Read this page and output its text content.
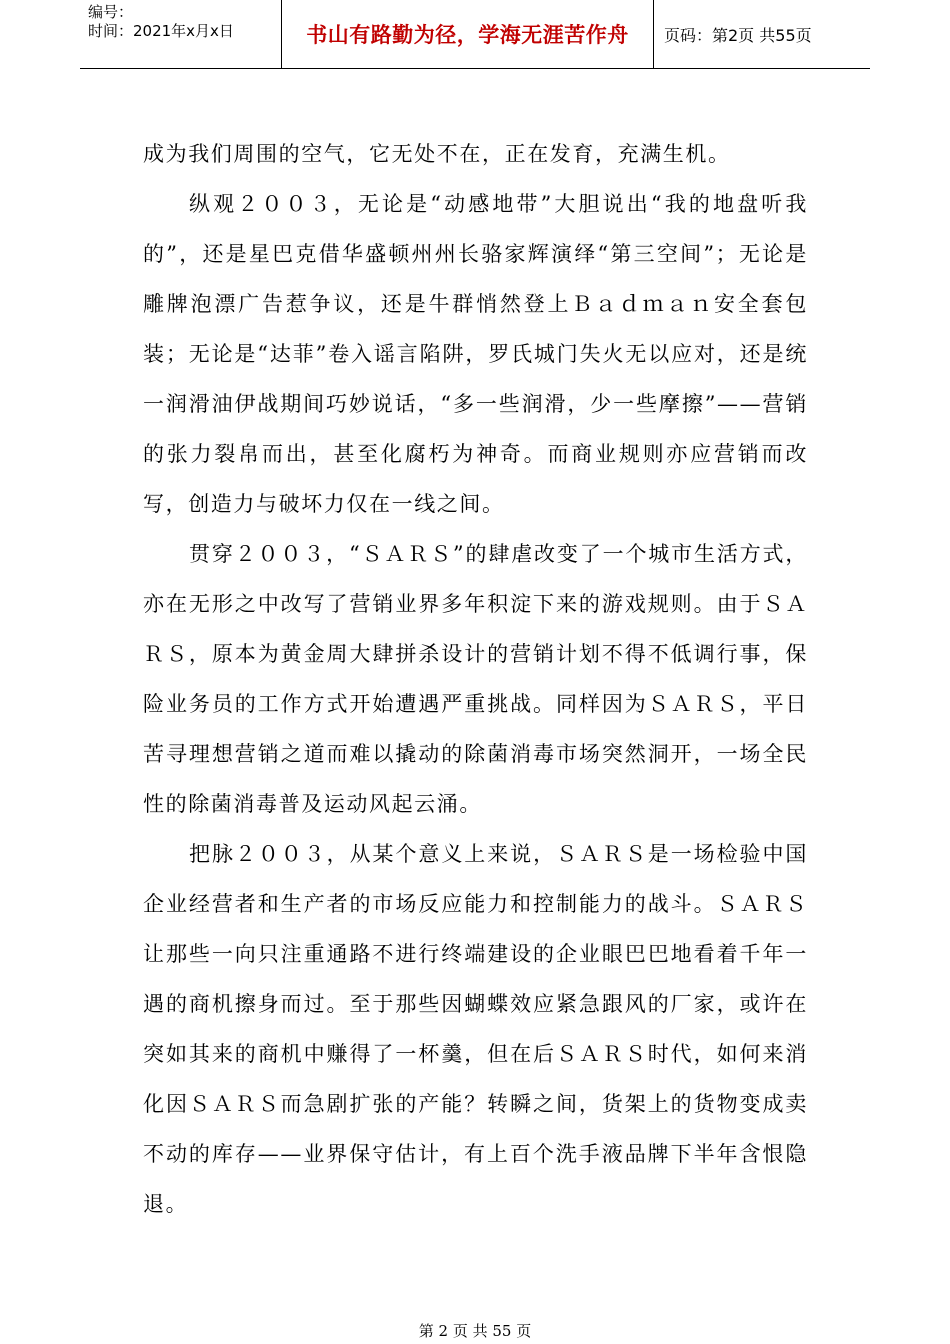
编号：
时间：2021年x月x日	书山有路勤为径，学海无涯苦作舟	页码：第2页 共55页

成为我们周围的空气，它无处不在，正在发育，充满生机。

纵观２００３，无论是“动感地带”大胆说出“我的地盘听我的”，还是星巴克借华盛顿州州长骆家辉演绎“第三空间”；无论是雕牌泡漂广告惹争议，还是牛群悄然登上Ｂａｄｍａｎ安全套包装；无论是“达菲”卷入谣言陷阱，罗氏城门失火无以应对，还是统一润滑油伊战期间巧妙说话，“多一些润滑，少一些摩擦”——营销的张力裂帛而出，甚至化腐朽为神奇。而商业规则亦应营销而改写，创造力与破坏力仅在一线之间。

贯穿２００３，“ＳＡＲＳ”的肆虐改变了一个城市生活方式，亦在无形之中改写了营销业界多年积淀下来的游戏规则。由于ＳＡＲＳ，原本为黄金周大肆拼杀设计的营销计划不得不低调行事，保险业务员的工作方式开始遭遇严重挑战。同样因为ＳＡＲＳ，平日苦寻理想营销之道而难以撬动的除菌消毒市场突然洞开，一场全民性的除菌消毒普及运动风起云涌。

把脉２００３，从某个意义上来说，ＳＡＲＳ是一场检验中国企业经营者和生产者的市场反应能力和控制能力的战斗。ＳＡＲＳ让那些一向只注重通路不进行终端建设的企业眼巴巴地看着千年一遇的商机擦身而过。至于那些因蝴蝶效应紧急跟风的厂家，或许在突如其来的商机中赚得了一杯羹，但在后ＳＡＲＳ时代，如何来消化因ＳＡＲＳ而急剧扩张的产能？转瞬之间，货架上的货物变成卖不动的库存——业界保守估计，有上百个洗手液品牌下半年含恨隐退。

第 2 页 共 55 页
